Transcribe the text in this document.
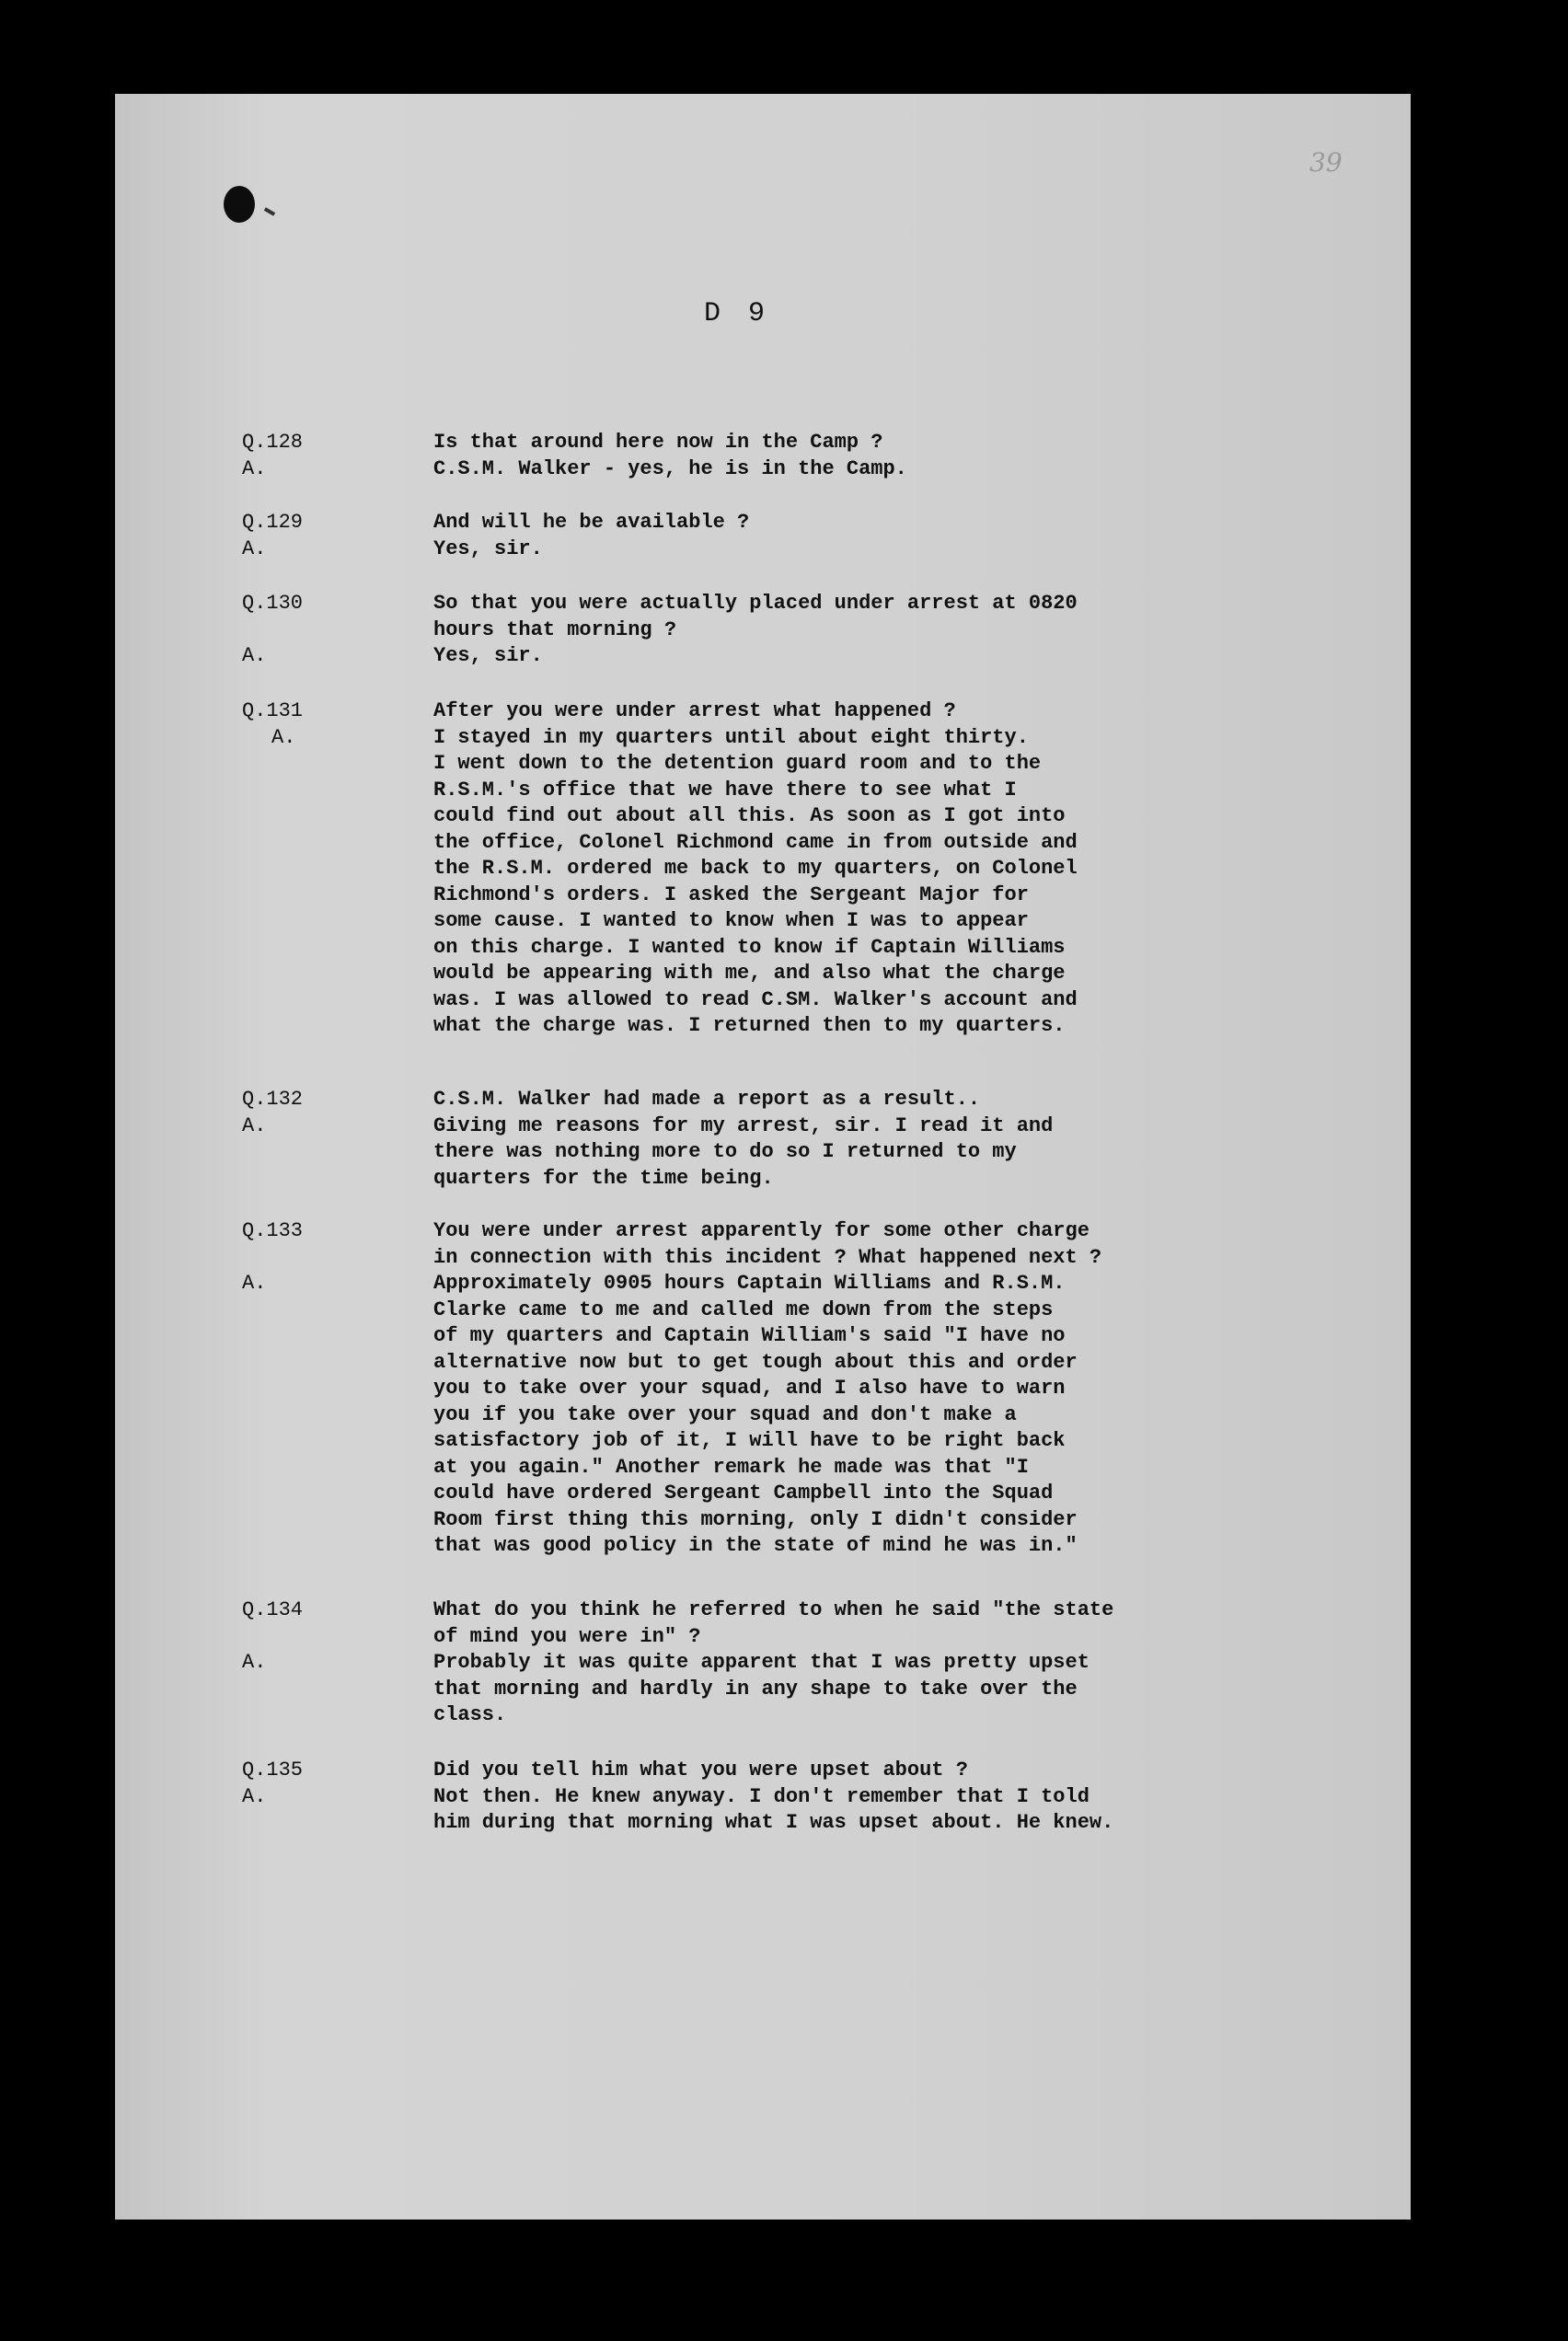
39
D 9
Q.128	Is that around here now in the Camp ?
A.	C.S.M. Walker - yes, he is in the Camp.
Q.129	And will he be available ?
A.	Yes, sir.
Q.130	So that you were actually placed under arrest at 0820
hours that morning ?
A.	Yes, sir.
Q.131	After you were under arrest what happened ?
A.	I stayed in my quarters until about eight thirty.
I went down to the detention guard room and to the
R.S.M.'s office that we have there to see what I
could find out about all this. As soon as I got into
the office, Colonel Richmond came in from outside and
the R.S.M. ordered me back to my quarters, on Colonel
Richmond's orders. I asked the Sergeant Major for
some cause. I wanted to know when I was to appear
on this charge. I wanted to know if Captain Williams
would be appearing with me, and also what the charge
was. I was allowed to read C.SM. Walker's account and
what the charge was. I returned then to my quarters.
Q.132	C.S.M. Walker had made a report as a result..
A.	Giving me reasons for my arrest, sir. I read it and
there was nothing more to do so I returned to my
quarters for the time being.
Q.133	You were under arrest apparently for some other charge
in connection with this incident ? What happened next ?
A.	Approximately 0905 hours Captain Williams and R.S.M.
Clarke came to me and called me down from the steps
of my quarters and Captain William's said "I have no
alternative now but to get tough about this and order
you to take over your squad, and I also have to warn
you if you take over your squad and don't make a
satisfactory job of it, I will have to be right back
at you again." Another remark he made was that "I
could have ordered Sergeant Campbell into the Squad
Room first thing this morning, only I didn't consider
that was good policy in the state of mind he was in."
Q.134	What do you think he referred to when he said "the state
of mind you were in" ?
A.	Probably it was quite apparent that I was pretty upset
that morning and hardly in any shape to take over the
class.
Q.135	Did you tell him what you were upset about ?
A.	Not then. He knew anyway. I don't remember that I told
him during that morning what I was upset about. He knew.
